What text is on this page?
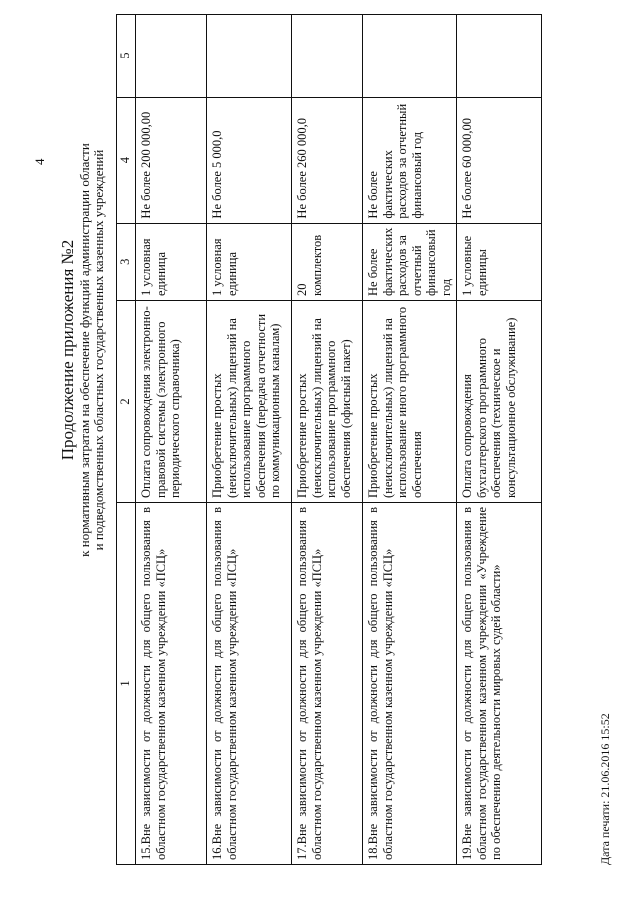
4
Продолжение приложения №2 к нормативным затратам на обеспечение функций администрации области и подведомственных областных государственных казенных учреждений
1	2	3	4	5
15.Вне зависимости от должности для общего пользования в областном государственном казенном учреждении «ПСЦ»	Оплата сопровождения электронно-правовой системы (электронного периодического справочника)	1 условная единица	Не более 200 000,00	
16.Вне зависимости от должности для общего пользования в областном государственном казенном учреждении «ПСЦ»	Приобретение простых (неисключительных) лицензий на использование программного обеспечения (передача отчетности по коммуникационным каналам)	1 условная единица	Не более 5 000,0	
17.Вне зависимости от должности для общего пользования в областном государственном казенном учреждении «ПСЦ»	Приобретение простых (неисключительных) лицензий на использование программного обеспечения (офисный пакет)	20 комплектов	Не более 260 000,0	
18.Вне зависимости от должности для общего пользования в областном государственном казенном учреждении «ПСЦ»	Приобретение простых (неисключительных) лицензий на использование иного программного обеспечения	Не более фактических расходов за отчетный финансовый год	Не более фактических расходов за отчетный финансовый год	
19.Вне зависимости от должности для общего пользования в областном государственном казенном учреждении «Учреждение по обеспечению деятельности мировых судей области»	Оплата сопровождения бухгалтерского программного обеспечения (техническое и консультационное обслуживание)	1 условные единицы	Не более 60 000,00	
Дата печати: 21.06.2016 15:52
